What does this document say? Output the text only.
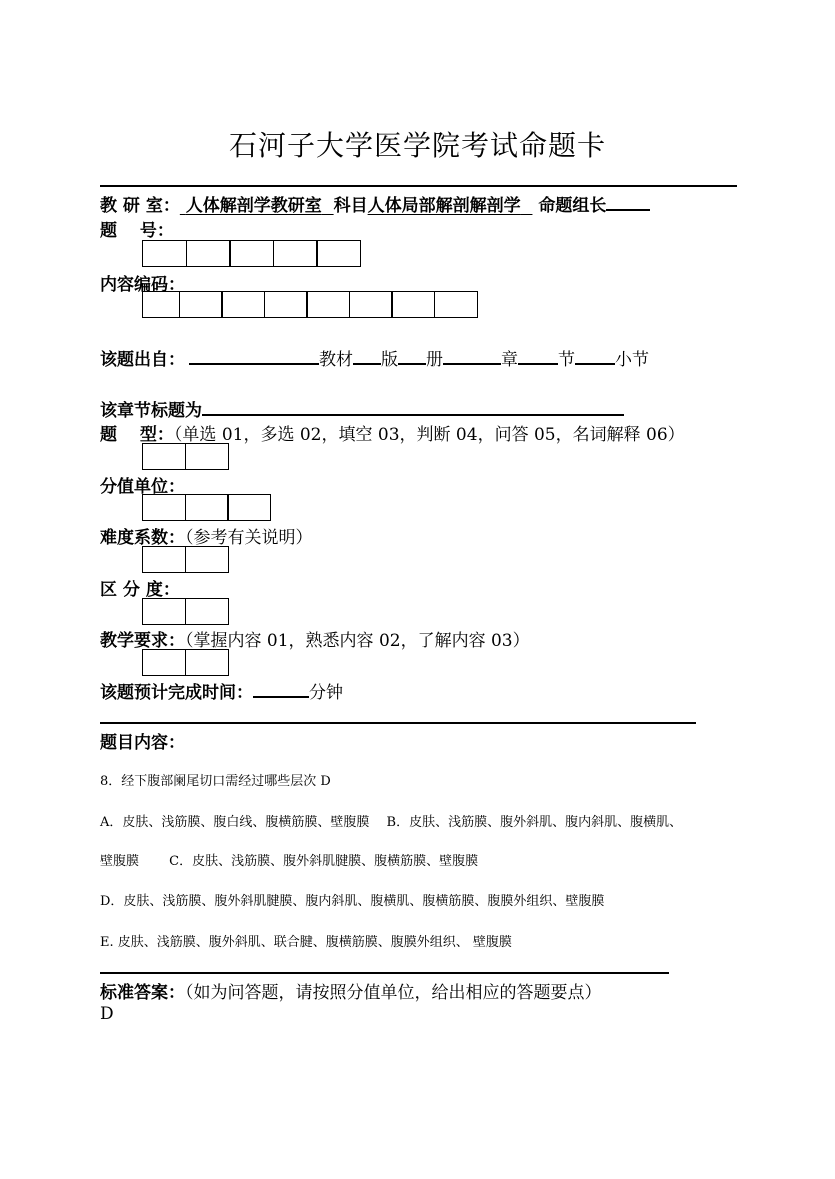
石河子大学医学院考试命题卡
教 研 室： 人体解剖学教研室 科目人体局部解剖解剖学 命题组长
题　 号：
内容编码：
该题出自：	教材 版 册	章 节 小节
该章节标题为
题　 型：（单选 01，多选 02，填空 03，判断 04，问答 05，名词解释 06）
分值单位：
难度系数：（参考有关说明）
区 分 度：
教学要求：（掌握内容 01，熟悉内容 02，了解内容 03）
该题预计完成时间：	分钟
题目内容：
8．经下腹部阑尾切口需经过哪些层次 D
A．皮肤、浅筋膜、腹白线、腹横筋膜、壁腹膜　 B．皮肤、浅筋膜、腹外斜肌、腹内斜肌、腹横肌、
壁腹膜　　 C．皮肤、浅筋膜、腹外斜肌腱膜、腹横筋膜、壁腹膜
D．皮肤、浅筋膜、腹外斜肌腱膜、腹内斜肌、腹横肌、腹横筋膜、腹膜外组织、壁腹膜
E. 皮肤、浅筋膜、腹外斜肌、联合腱、腹横筋膜、腹膜外组织、 壁腹膜
标准答案：（如为问答题，请按照分值单位，给出相应的答题要点）
D
